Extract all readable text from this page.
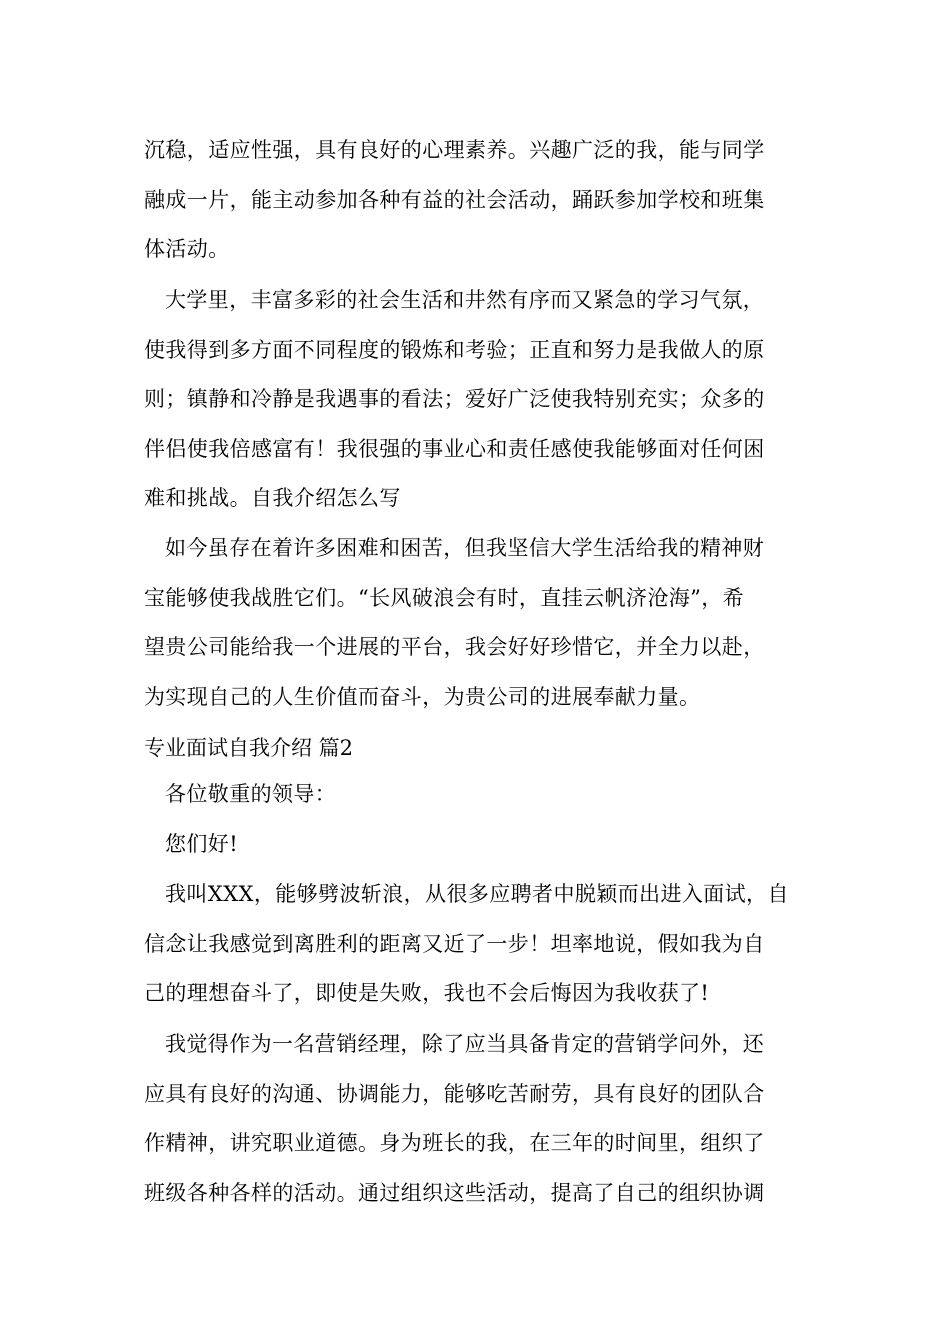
沉稳，适应性强，具有良好的心理素养。兴趣广泛的我，能与同学
融成一片，能主动参加各种有益的社会活动，踊跃参加学校和班集
体活动。
大学里，丰富多彩的社会生活和井然有序而又紧急的学习气氛，
使我得到多方面不同程度的锻炼和考验；正直和努力是我做人的原
则；镇静和冷静是我遇事的看法；爱好广泛使我特别充实；众多的
伴侣使我倍感富有！我很强的事业心和责任感使我能够面对任何困
难和挑战。自我介绍怎么写
如今虽存在着许多困难和困苦，但我坚信大学生活给我的精神财
宝能够使我战胜它们。“长风破浪会有时，直挂云帆济沧海”，希
望贵公司能给我一个进展的平台，我会好好珍惜它，并全力以赴，
为实现自己的人生价值而奋斗，为贵公司的进展奉献力量。
专业面试自我介绍 篇2
各位敬重的领导：
您们好!
我叫XXX，能够劈波斩浪，从很多应聘者中脱颖而出进入面试，自
信念让我感觉到离胜利的距离又近了一步！坦率地说，假如我为自
己的理想奋斗了，即使是失败，我也不会后悔因为我收获了!
我觉得作为一名营销经理，除了应当具备肯定的营销学问外，还
应具有良好的沟通、协调能力，能够吃苦耐劳，具有良好的团队合
作精神，讲究职业道德。身为班长的我，在三年的时间里，组织了
班级各种各样的活动。通过组织这些活动，提高了自己的组织协调
